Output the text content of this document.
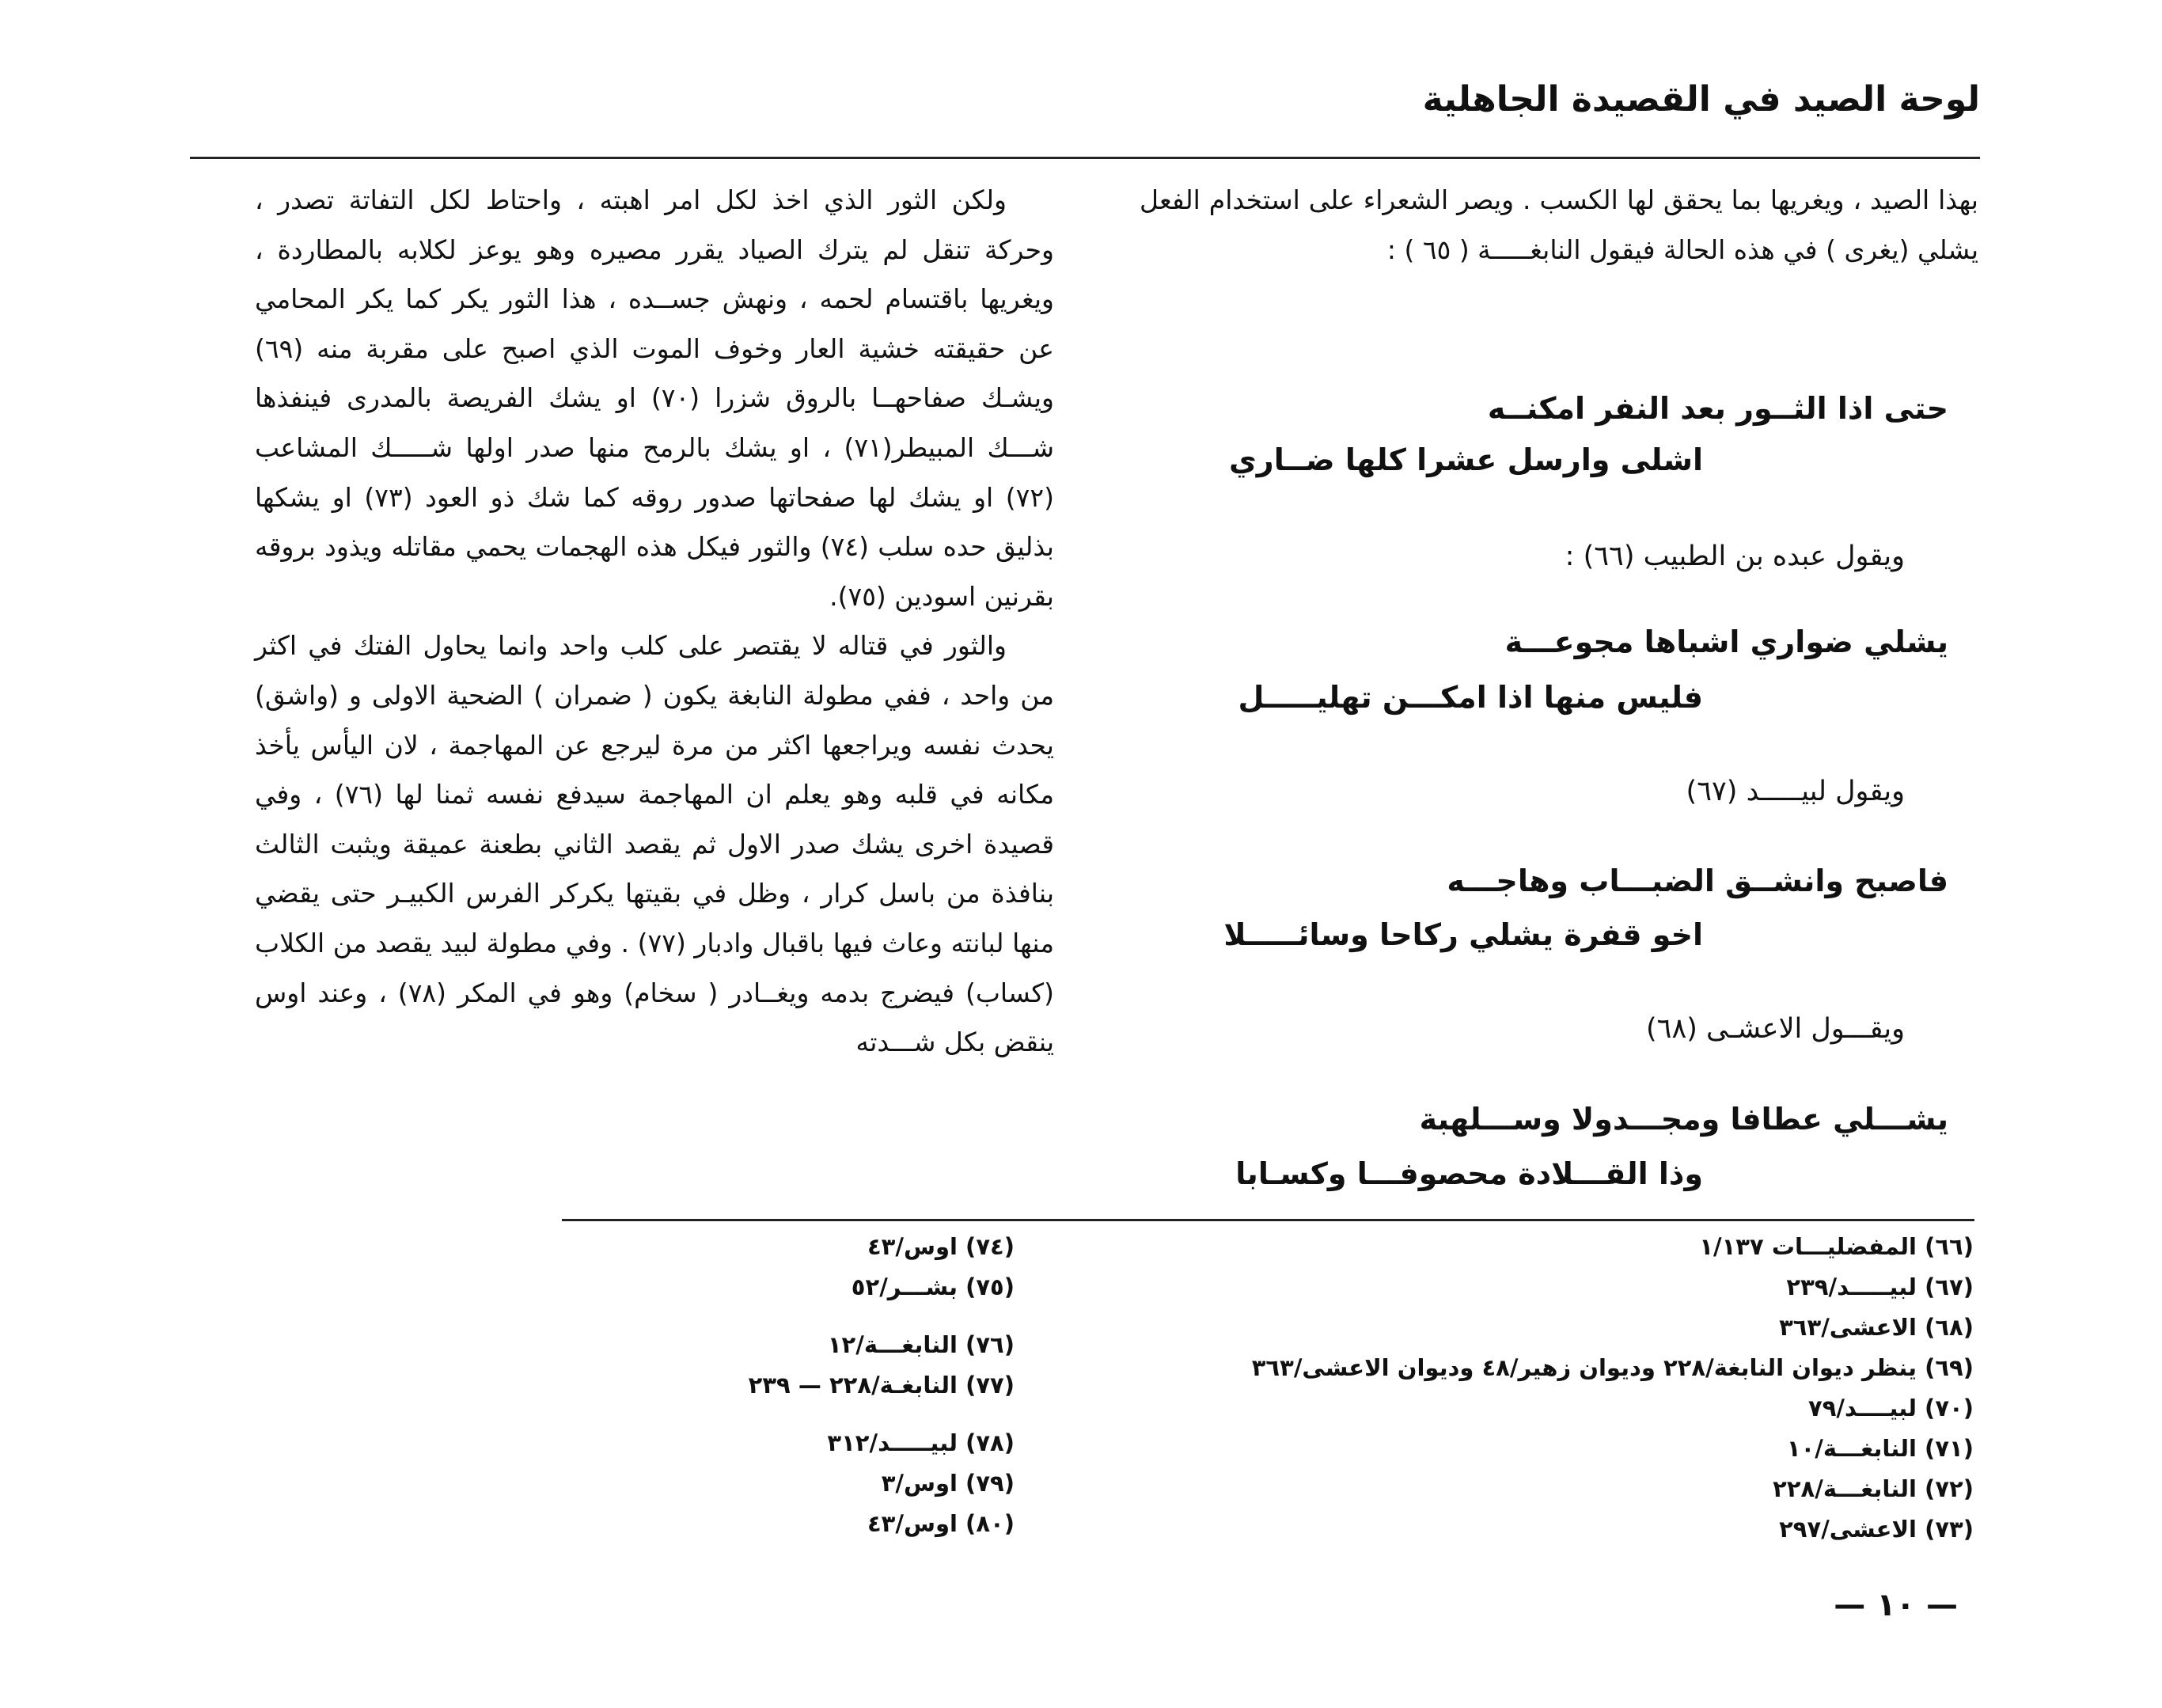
لوحة الصيد في القصيدة الجاهلية

بهذا الصيد ، ويغريها بما يحقق لها الكسب . ويصر الشعراء على استخدام الفعل يشلي (يغرى ) في هذه الحالة فيقول النابغـــــة ( ٦٥ ) :

حتى اذا الثــور بعد النفر امكنــه
اشلى وارسل عشرا كلها ضــاري
ويقول عبده بن الطبيب (٦٦) :
يشلي ضواري اشباها مجوعـــة
فليس منها اذا امكـــن تهليـــــل
ويقول لبيـــــد (٦٧)
فاصبح وانشــق الضبـــاب وهاجـــه
اخو قفرة يشلي ركاحا وسائـــــلا
ويقـــول الاعشـى (٦٨)
يشـــلي عطافا ومجـــدولا وســـلهبة
وذا القـــلادة محصوفـــا وكسـابا

ولكن الثور الذي اخذ لكل امر اهبته ، واحتاط لكل التفاتة تصدر ، وحركة تنقل لم يترك الصياد يقرر مصيره وهو يوعز لكلابه بالمطاردة ، ويغريها باقتسام لحمه ، ونهش جســده ، هذا الثور يكر كما يكر المحامي عن حقيقته خشية العار وخوف الموت الذي اصبح على مقربة منه (٦٩) ويشـك صفاحهــا بالروق شزرا (٧٠) او يشك الفريصة بالمدرى فينفذها شـــك المبيطر(٧١) ، او يشك بالرمح منها صدر اولها شـــــك المشاعب (٧٢) او يشك لها صفحاتها صدور روقه كما شك ذو العود (٧٣) او يشكها بذليق حده سلب (٧٤) والثور فيكل هذه الهجمات يحمي مقاتله ويذود بروقه بقرنين اسودين (٧٥).

والثور في قتاله لا يقتصر على كلب واحد وانما يحاول الفتك في اكثر من واحد ، ففي مطولة النابغة يكون ( ضمران ) الضحية الاولى و (واشق) يحدث نفسه ويراجعها اكثر من مرة ليرجع عن المهاجمة ، لان اليأس يأخذ مكانه في قلبه وهو يعلم ان المهاجمة سيدفع نفسه ثمنا لها (٧٦) ، وفي قصيدة اخرى يشك صدر الاول ثم يقصد الثاني بطعنة عميقة ويثبت الثالث بنافذة من باسل كرار ، وظل في بقيتها يكركر الفرس الكبيـر حتى يقضي منها لبانته وعاث فيها باقبال وادبار (٧٧) . وفي مطولة لبيد يقصد من الكلاب (كساب) فيضرج بدمه ويغــادر ( سخام) وهو في المكر (٧٨) ، وعند اوس ينقض بكل شـــدته

(٦٦) المفضليـــات ١/١٣٧
(٦٧) لبيـــــد/٢٣٩
(٦٨) الاعشى/٣٦٣
(٦٩) ينظر ديوان النابغة/٢٢٨ وديوان زهير/٤٨ وديوان الاعشى/٣٦٣
(٧٠) لبيــــد/٧٩
(٧١) النابغـــة/١٠
(٧٢) النابغـــة/٢٢٨
(٧٣) الاعشى/٢٩٧
(٧٤) اوس/٤٣
(٧٥) بشـــر/٥٢
(٧٦) النابغـــة/١٢
(٧٧) النابغـة/٢٢٨ — ٢٣٩
(٧٨) لبيـــــد/٣١٢
(٧٩) اوس/٣
(٨٠) اوس/٤٣
— ١٠ —
